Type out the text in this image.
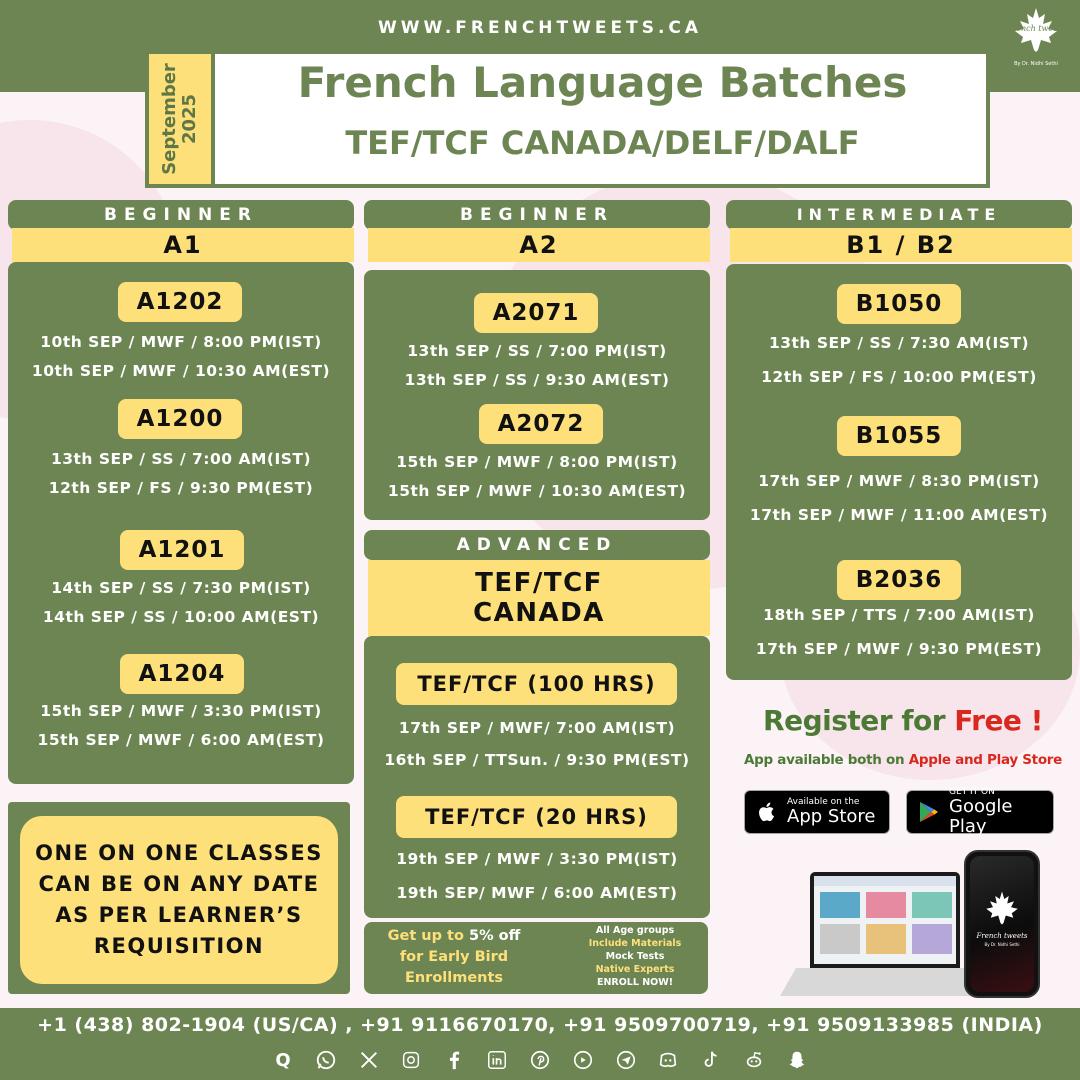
WWW.FRENCHTWEETS.CA
September
2025
French Language Batches
TEF/TCF CANADA/DELF/DALF
French tweets
By Dr. Nidhi Sethi
BEGINNER
A1
A1202
10th SEP / MWF / 8:00 PM(IST)
10th SEP / MWF / 10:30 AM(EST)
A1200
13th SEP / SS / 7:00 AM(IST)
12th SEP / FS / 9:30 PM(EST)
A1201
14th SEP / SS / 7:30 PM(IST)
14th SEP / SS / 10:00 AM(EST)
A1204
15th SEP / MWF / 3:30 PM(IST)
15th SEP / MWF / 6:00 AM(EST)
ONE ON ONE CLASSES CAN BE ON ANY DATE AS PER LEARNER’S REQUISITION
BEGINNER
A2
A2071
13th SEP / SS / 7:00 PM(IST)
13th SEP / SS / 9:30 AM(EST)
A2072
15th SEP / MWF / 8:00 PM(IST)
15th SEP / MWF / 10:30 AM(EST)
ADVANCED
TEF/TCF
CANADA
TEF/TCF (100 HRS)
17th SEP / MWF/ 7:00 AM(IST)
16th SEP / TTSun. / 9:30 PM(EST)
TEF/TCF (20 HRS)
19th SEP / MWF / 3:30 PM(IST)
19th SEP/ MWF / 6:00 AM(EST)
Get up to 5% off
for Early Bird
Enrollments
All Age groups
Include Materials
Mock Tests
Native Experts
ENROLL NOW!
INTERMEDIATE
B1 / B2
B1050
13th SEP / SS / 7:30 AM(IST)
12th SEP / FS / 10:00 PM(EST)
B1055
17th SEP / MWF / 8:30 PM(IST)
17th SEP / MWF / 11:00 AM(EST)
B2036
18th SEP / TTS / 7:00 AM(IST)
17th SEP / MWF / 9:30 PM(EST)
Register for Free !
App available both on Apple and Play Store
Available on the
App Store
GET IT ON
Google Play
French tweets
By Dr. Nidhi Sethi
+1 (438) 802-1904 (US/CA) , +91 9116670170, +91 9509700719, +91 9509133985 (INDIA)
Q
